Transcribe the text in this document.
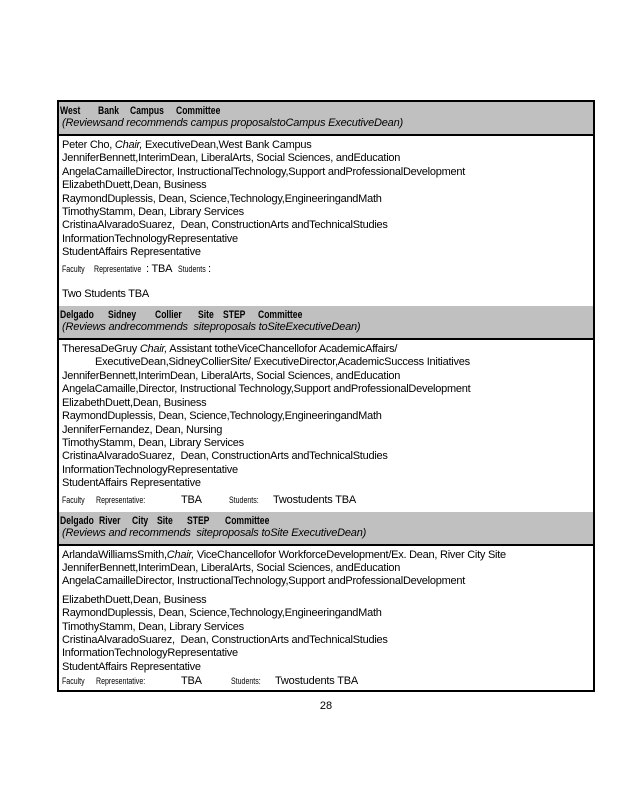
West Bank Campus Committee
(Reviewsand recommends campus proposalstoCampus ExecutiveDean)
Peter Cho, Chair, ExecutiveDean,West Bank Campus
JenniferBennett,InterimDean, LiberalArts, Social Sciences, andEducation
AngelaCamailleDirector, InstructionalTechnology,Support andProfessionalDevelopment
ElizabethDuett,Dean, Business
RaymondDuplessis, Dean, Science,Technology,EngineeringandMath
TimothyStamm, Dean, Library Services
CristinaAlvaradoSuarez,  Dean, ConstructionArts andTechnicalStudies
InformationTechnologyRepresentative
StudentAffairs Representative
Faculty Representative : TBA Students :
Two Students TBA
Delgado Sidney Collier Site STEP Committee
(Reviews andrecommends  siteproposals toSiteExecutiveDean)
TheresaDeGruy Chair, Assistant totheViceChancellofor AcademicAffairs/
ExecutiveDean,SidneyCollierSite/ ExecutiveDirector,AcademicSuccess Initiatives
JenniferBennett,InterimDean, LiberalArts, Social Sciences, andEducation
AngelaCamaille,Director, Instructional Technology,Support andProfessionalDevelopment
ElizabethDuett,Dean, Business
RaymondDuplessis, Dean, Science,Technology,EngineeringandMath
JenniferFernandez, Dean, Nursing
TimothyStamm, Dean, Library Services
CristinaAlvaradoSuarez,  Dean, ConstructionArts andTechnicalStudies
InformationTechnologyRepresentative
StudentAffairs Representative
Faculty Representative:	TBA	Students: Twostudents TBA
Delgado River City Site STEP Committee
(Reviews and recommends  siteproposals toSite ExecutiveDean)
ArlandaWilliamsSmith,Chair, ViceChancellofor WorkforceDevelopment/Ex. Dean, River City Site
JenniferBennett,InterimDean, LiberalArts, Social Sciences, andEducation
AngelaCamailleDirector, InstructionalTechnology,Support andProfessionalDevelopment
ElizabethDuett,Dean, Business
RaymondDuplessis, Dean, Science,Technology,EngineeringandMath
TimothyStamm, Dean, Library Services
CristinaAlvaradoSuarez,  Dean, ConstructionArts andTechnicalStudies
InformationTechnologyRepresentative
StudentAffairs Representative
Faculty Representative:	TBA	Students: Twostudents TBA
28
